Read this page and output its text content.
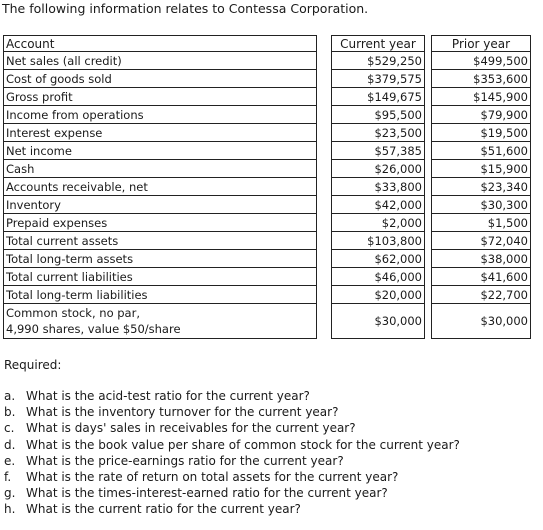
The following information relates to Contessa Corporation.
Account		Current year		Prior year
Net sales (all credit)		$529,250		$499,500
Cost of goods sold		$379,575		$353,600
Gross profit		$149,675		$145,900
Income from operations		$95,500		$79,900
Interest expense		$23,500		$19,500
Net income		$57,385		$51,600
Cash		$26,000		$15,900
Accounts receivable, net		$33,800		$23,340
Inventory		$42,000		$30,300
Prepaid expenses		$2,000		$1,500
Total current assets		$103,800		$72,040
Total long-term assets		$62,000		$38,000
Total current liabilities		$46,000		$41,600
Total long-term liabilities		$20,000		$22,700

Common stock, no par,
4,990 shares, value $50/share		$30,000		$30,000
Required:
a. What is the acid-test ratio for the current year?
b. What is the inventory turnover for the current year?
c. What is days' sales in receivables for the current year?
d. What is the book value per share of common stock for the current year?
e. What is the price-earnings ratio for the current year?
f. What is the rate of return on total assets for the current year?
g. What is the times-interest-earned ratio for the current year?
h. What is the current ratio for the current year?
